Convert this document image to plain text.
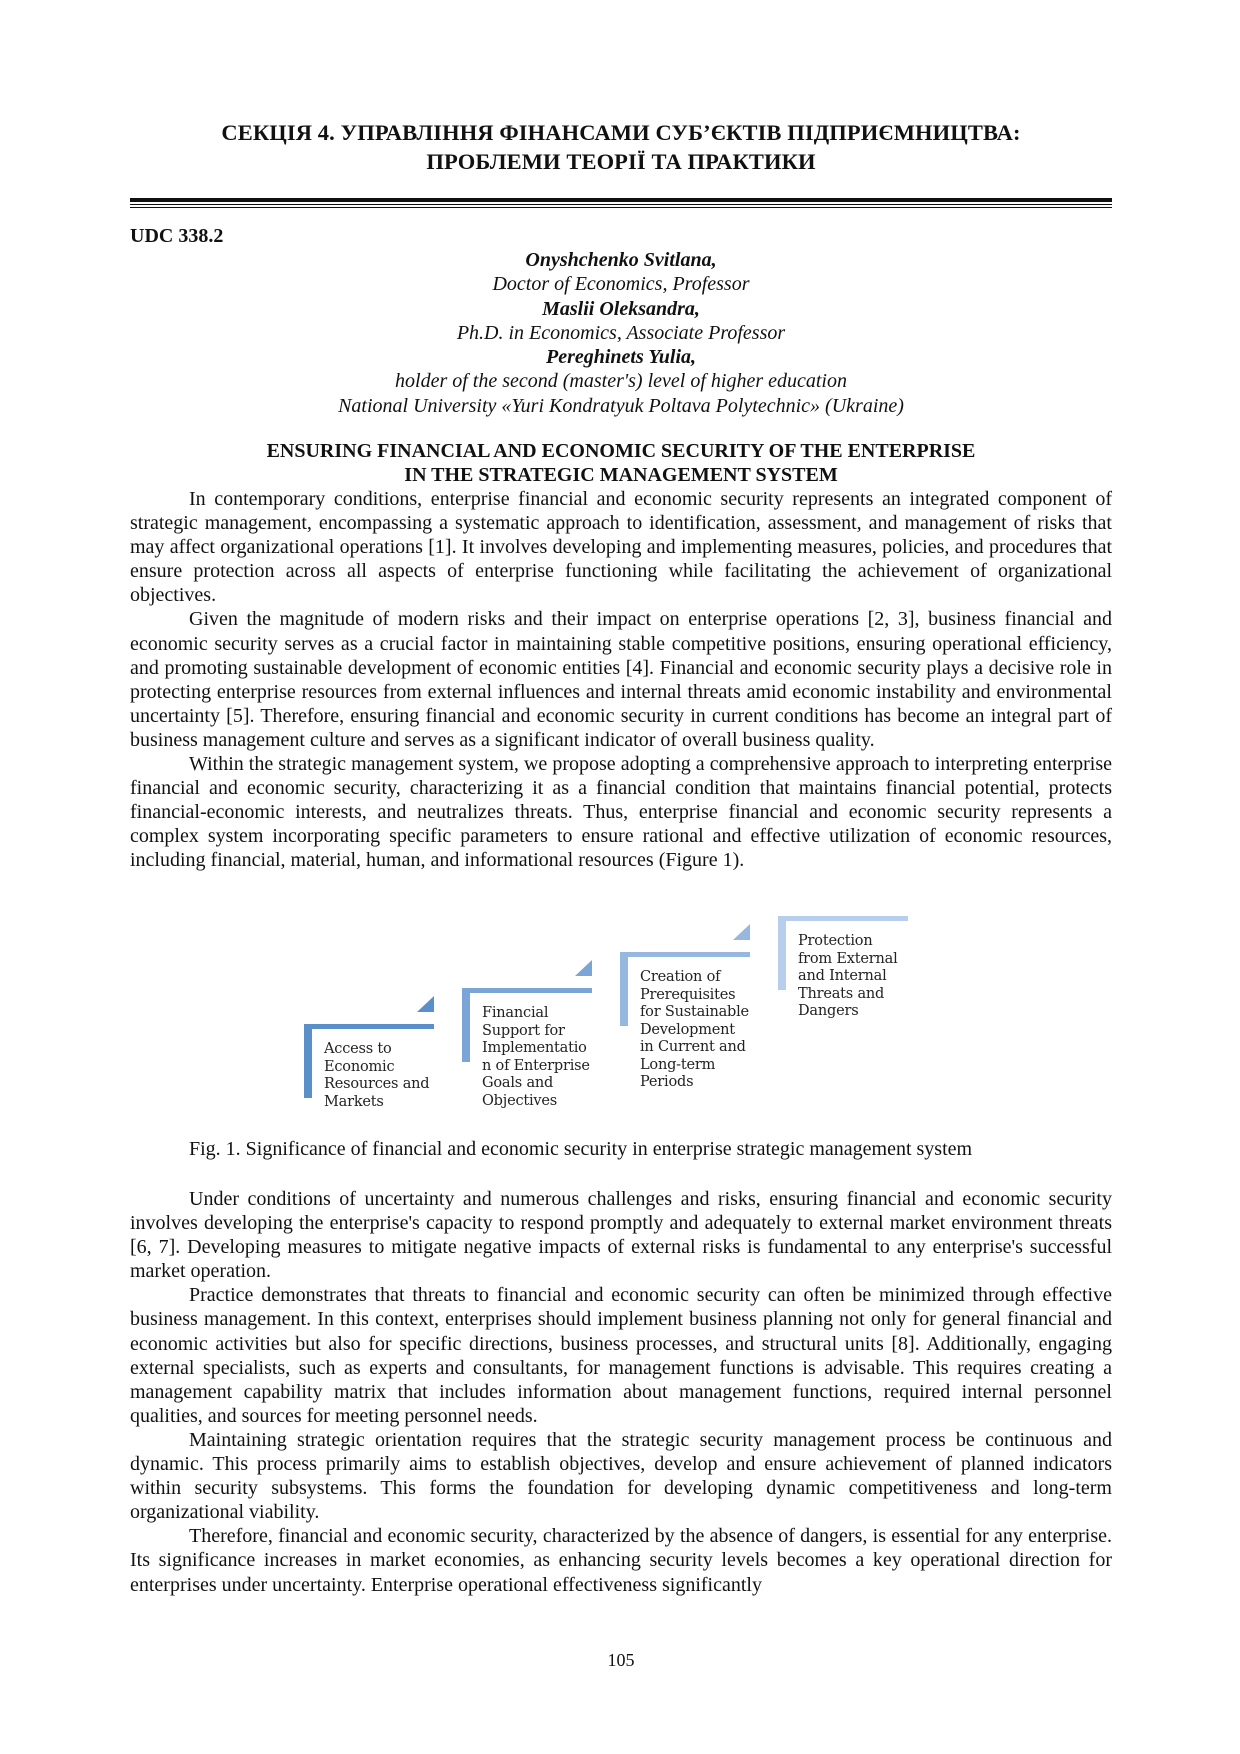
СЕКЦІЯ 4. УПРАВЛІННЯ ФІНАНСАМИ СУБ’ЄКТІВ ПІДПРИЄМНИЦТВА:
ПРОБЛЕМИ ТЕОРІЇ ТА ПРАКТИКИ
UDC 338.2
Onyshchenko Svitlana,
Doctor of Economics, Professor
Maslii Oleksandra,
Ph.D. in Economics, Associate Professor
Pereghinets Yulia,
holder of the second (master's) level of higher education
National University «Yuri Kondratyuk Poltava Polytechnic» (Ukraine)
ENSURING FINANCIAL AND ECONOMIC SECURITY OF THE ENTERPRISE
IN THE STRATEGIC MANAGEMENT SYSTEM

In contemporary conditions, enterprise financial and economic security represents an integrated component of strategic management, encompassing a systematic approach to identification, assessment, and management of risks that may affect organizational operations [1]. It involves developing and implementing measures, policies, and procedures that ensure protection across all aspects of enterprise functioning while facilitating the achievement of organizational objectives.

Given the magnitude of modern risks and their impact on enterprise operations [2, 3], business financial and economic security serves as a crucial factor in maintaining stable competitive positions, ensuring operational efficiency, and promoting sustainable development of economic entities [4]. Financial and economic security plays a decisive role in protecting enterprise resources from external influences and internal threats amid economic instability and environmental uncertainty [5]. Therefore, ensuring financial and economic security in current conditions has become an integral part of business management culture and serves as a significant indicator of overall business quality.

Within the strategic management system, we propose adopting a comprehensive approach to interpreting enterprise financial and economic security, characterizing it as a financial condition that maintains financial potential, protects financial-economic interests, and neutralizes threats. Thus, enterprise financial and economic security represents a complex system incorporating specific parameters to ensure rational and effective utilization of economic resources, including financial, material, human, and informational resources (Figure 1).

Access to
Economic
Resources and
Markets
Financial
Support for
Implementatio
n of Enterprise
Goals and
Objectives
Creation of
Prerequisites
for Sustainable
Development
in Current and
Long-term
Periods
Protection
from External
and Internal
Threats and
Dangers
Fig. 1. Significance of financial and economic security in enterprise strategic management system

Under conditions of uncertainty and numerous challenges and risks, ensuring financial and economic security involves developing the enterprise's capacity to respond promptly and adequately to external market environment threats [6, 7]. Developing measures to mitigate negative impacts of external risks is fundamental to any enterprise's successful market operation.

Practice demonstrates that threats to financial and economic security can often be minimized through effective business management. In this context, enterprises should implement business planning not only for general financial and economic activities but also for specific directions, business processes, and structural units [8]. Additionally, engaging external specialists, such as experts and consultants, for management functions is advisable. This requires creating a management capability matrix that includes information about management functions, required internal personnel qualities, and sources for meeting personnel needs.

Maintaining strategic orientation requires that the strategic security management process be continuous and dynamic. This process primarily aims to establish objectives, develop and ensure achievement of planned indicators within security subsystems. This forms the foundation for developing dynamic competitiveness and long-term organizational viability.

Therefore, financial and economic security, characterized by the absence of dangers, is essential for any enterprise. Its significance increases in market economies, as enhancing security levels becomes a key operational direction for enterprises under uncertainty. Enterprise operational effectiveness significantly

105
